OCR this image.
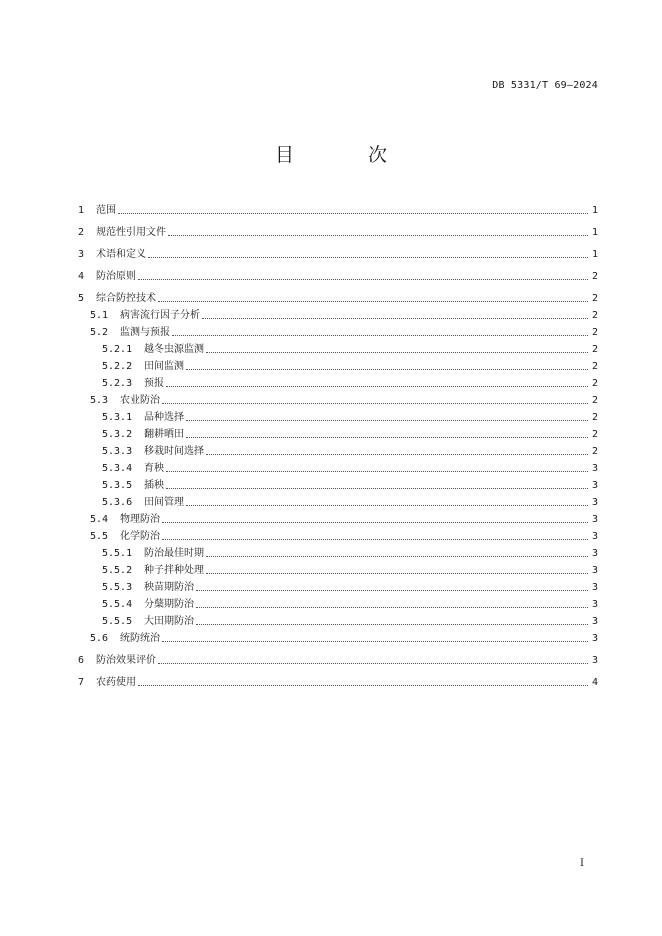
DB 5331/T 69—2024
目 次
1	范围	1
2	规范性引用文件	1
3	术语和定义	1
4	防治原则	2
5	综合防控技术	2
5.1	病害流行因子分析	2
5.2	监测与预报	2
5.2.1	越冬虫源监测	2
5.2.2	田间监测	2
5.2.3	预报	2
5.3	农业防治	2
5.3.1	品种选择	2
5.3.2	翻耕晒田	2
5.3.3	移栽时间选择	2
5.3.4	育秧	3
5.3.5	插秧	3
5.3.6	田间管理	3
5.4	物理防治	3
5.5	化学防治	3
5.5.1	防治最佳时期	3
5.5.2	种子拌种处理	3
5.5.3	秧苗期防治	3
5.5.4	分蘖期防治	3
5.5.5	大田期防治	3
5.6	统防统治	3
6	防治效果评价	3
7	农药使用	4
I
